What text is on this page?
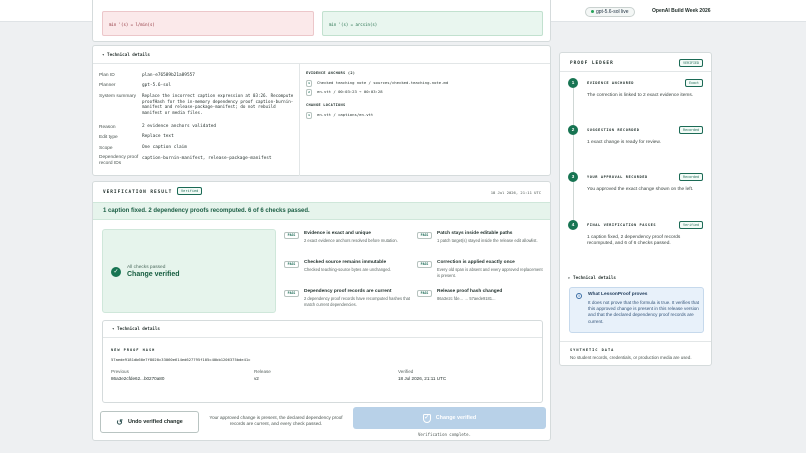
gpt-5.6-sol live	OpenAI Build Week 2026
min '(s) = l/min(s)	min '(s) = arcsin(s)
▾ Technical details
Plan ID	plan-e76589b21a89557
Planner	gpt-5.6-sol
System summary Replace the incorrect caption expression at 03:26. Recompute proofHash for the in-memory dependency proof caption-burnin-manifest and release-package-manifest; do not rebuild manifest or media files.
Reason	2 evidence anchors validated
Edit type	Replace text
Scope	One caption claim
Dependency proof record IDs
caption-burnin-manifest, release-package-manifest
EVIDENCE ANCHORS (2)
1	Checked teaching note / sources/checked-teaching-note.md
2	en.vtt / 00:03:23 → 00:03:28
CHANGE LOCATIONS
1	en.vtt / captions/en.vtt
VERIFICATION RESULT	Verified	18 Jul 2026, 21:11 UTC
1 caption fixed. 2 dependency proofs recomputed. 6 of 6 checks passed.
✓
All checks passed
Change verified
PASS	Evidence is exact and unique
2 exact evidence anchors resolved before mutation.
PASS	Patch stays inside editable paths
1 patch target(s) stayed inside the release edit allowlist.
PASS	Checked source remains immutable
Checked teaching-source bytes are unchanged.
PASS	Correction is applied exactly once
Every old span is absent and every approved replacement is present.
PASS	Dependency proof records are current
2 dependency proof records have recomputed hashes that match current dependencies.
PASS	Release proof hash changed
86a3e2c fde... → 57aede9181...
▾ Technical details
NEW PROOF HASH
57aede9181db60e7f8020c33060e614ed627795f105c40bb1206375bde41c
Previous
86a3e2cfde62...b0270a80
Release
v2
Verified
18 Jul 2026, 21:11 UTC
↺ Undo verified change
Your approved change is present, the declared dependency proof records are current, and every check passed.
✓ Change verified
Verification complete.
PROOF LEDGER	VERIFIED
1	EVIDENCE ANCHORED	Exact
The correction is linked to 2 exact evidence items.
2	SUGGESTION RECORDED	Recorded
1 exact change is ready for review.
3	YOUR APPROVAL RECORDED	Recorded
You approved the exact change shown on the left.
4	FINAL VERIFICATION PASSES	Verified
1 caption fixed, 2 dependency proof records recomputed, and 6 of 6 checks passed.
▸ Technical details
i	What LessonProof proves
It does not prove that the formula is true. It verifies that this approved change is present in this release version and that the declared dependency proof records are current.
SYNTHETIC DATA
No student records, credentials, or production media are used.
